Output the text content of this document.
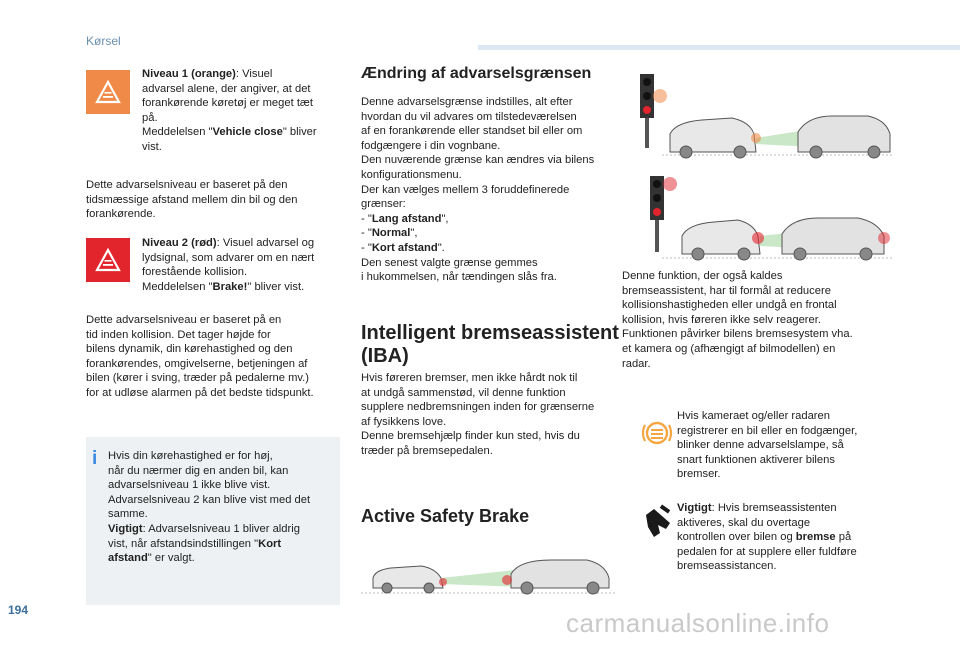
Kørsel

Niveau 1 (orange): Visuel

advarsel alene, der angiver, at det

forankørende køretøj er meget tæt

på.

Meddelelsen "Vehicle close" bliver

vist.

Dette advarselsniveau er baseret på den

tidsmæssige afstand mellem din bil og den

forankørende.

Niveau 2 (rød): Visuel advarsel og

lydsignal, som advarer om en nært

forestående kollision.

Meddelelsen "Brake!" bliver vist.

Dette advarselsniveau er baseret på en

tid inden kollision. Det tager højde for

bilens dynamik, din kørehastighed og den

forankørendes, omgivelserne, betjeningen af

bilen (kører i sving, træder på pedalerne mv.)

for at udløse alarmen på det bedste tidspunkt.

i Hvis din kørehastighed er for høj,

når du nærmer dig en anden bil, kan

advarselsniveau 1 ikke blive vist.

Advarselsniveau 2 kan blive vist med det

samme.

Vigtigt: Advarselsniveau 1 bliver aldrig

vist, når afstandsindstillingen "Kort

afstand" er valgt.

Ændring af advarselsgrænsen

Denne advarselsgrænse indstilles, alt efter

hvordan du vil advares om tilstedeværelsen

af en forankørende eller standset bil eller om

fodgængere i din vognbane.

Den nuværende grænse kan ændres via bilens

konfigurationsmenu.

Der kan vælges mellem 3 foruddefinerede

grænser:

- "Lang afstand",

- "Normal",

- "Kort afstand".

Den senest valgte grænse gemmes

i hukommelsen, når tændingen slås fra.

Intelligent bremseassistent
(IBA)

Hvis føreren bremser, men ikke hårdt nok til

at undgå sammenstød, vil denne funktion

supplere nedbremsningen inden for grænserne

af fysikkens love.

Denne bremsehjælp finder kun sted, hvis du

træder på bremsepedalen.

Active Safety Brake

Denne funktion, der også kaldes

bremseassistent, har til formål at reducere

kollisionshastigheden eller undgå en frontal

kollision, hvis føreren ikke selv reagerer.

Funktionen påvirker bilens bremsesystem vha.

et kamera og (afhængigt af bilmodellen) en

radar.

Hvis kameraet og/eller radaren

registrerer en bil eller en fodgænger,

blinker denne advarselslampe, så

snart funktionen aktiverer bilens

bremser.

Vigtigt: Hvis bremseassistenten

aktiveres, skal du overtage

kontrollen over bilen og bremse på

pedalen for at supplere eller fuldføre

bremseassistancen.

194	carmanualsonline.info
